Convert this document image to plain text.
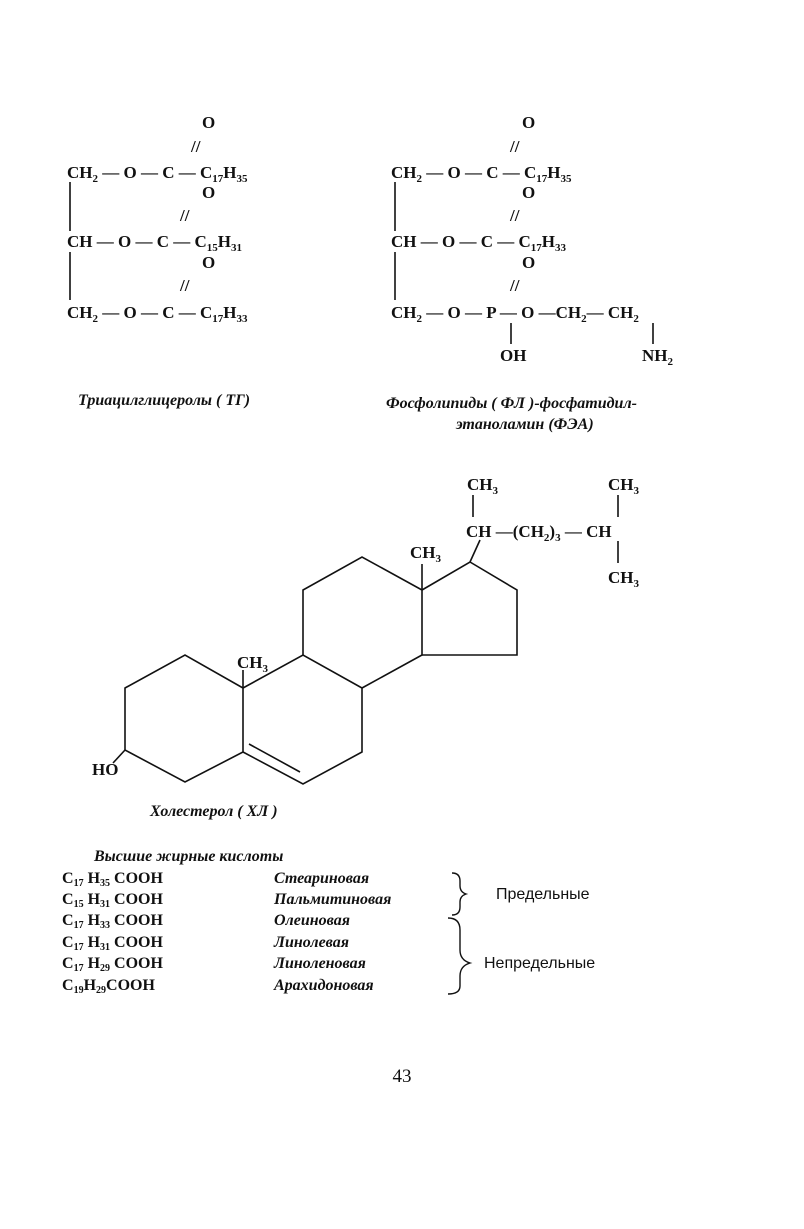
O
//
$CH_2$ — O — C — $C_{17}H_{35}$
O
//
CH — O — C — $C_{15}H_{31}$
O
//
$CH_2$ — O — C — $C_{17}H_{33}$
O
//
$CH_2$ — O — C — $C_{17}H_{35}$
O
//
CH — O — C — $C_{17}H_{33}$
O
//
$CH_2$ — O — P — O $—CH_2—$ $CH_2$
OH	$NH_2$
Триацилглицеролы ( ТГ)	Фосфолипиды ( ФЛ )-фосфатидил-
этаноламин (ФЭА)
$CH_3$
$CH_3$
HO
$CH_3$	$CH_3$
CH $—(CH_2)_3$ — CH
$CH_3$
Холестерол ( ХЛ )
Высшие жирные кислоты
$C_{17}$ $H_{35}$ COOH	Стеариновая
$C_{15}$ $H_{31}$ COOH	Пальмитиновая
$C_{17}$ $H_{33}$ COOH	Олеиновая
$C_{17}$ $H_{31}$ COOH	Линолевая
$C_{17}$ $H_{29}$ COOH	Линоленовая
$C_{19}H_{29}COOH$	Арахидоновая
Предельные
Непредельные
43
